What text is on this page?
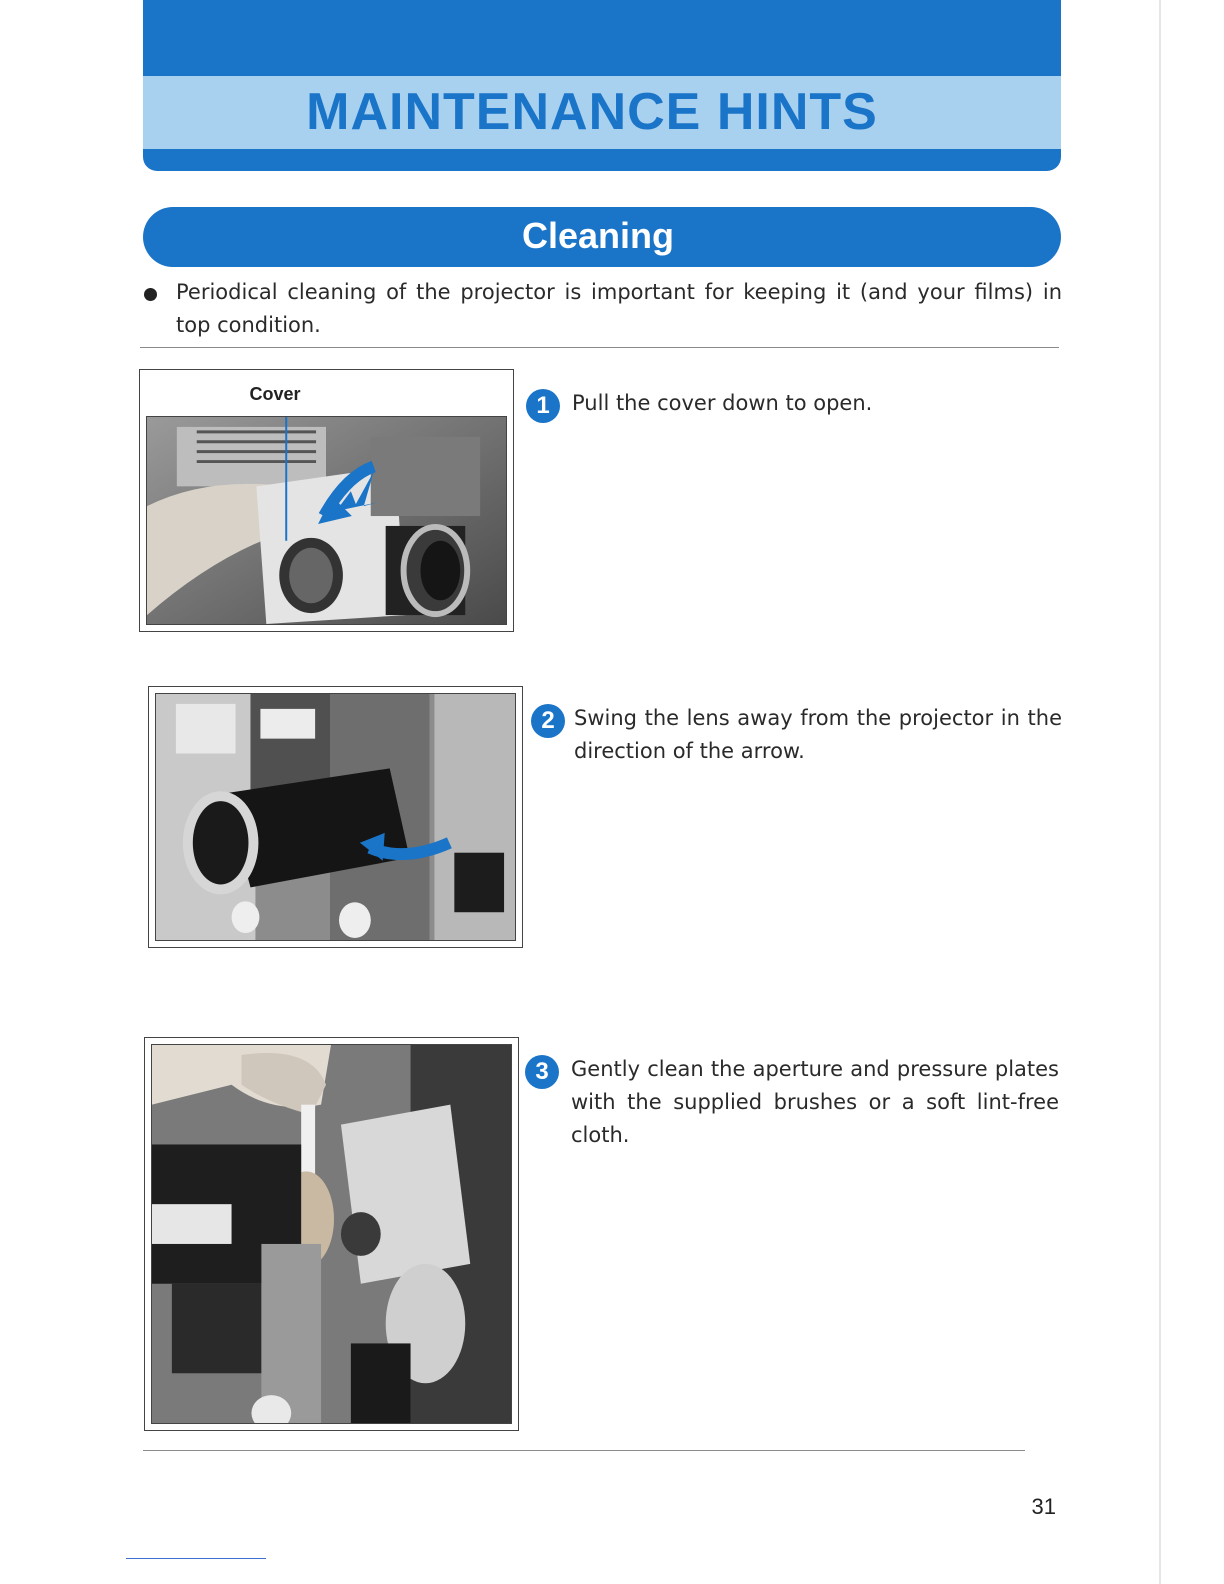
MAINTENANCE HINTS
Cleaning
Periodical cleaning of the projector is important for keeping it (and your films) in top condition.
Cover	1	Pull the cover down to open.
2 Swing the lens away from the projector in the direction of the arrow.
3	Gently clean the aperture and pressure plates with the supplied brushes or a soft lint-free cloth.
31
